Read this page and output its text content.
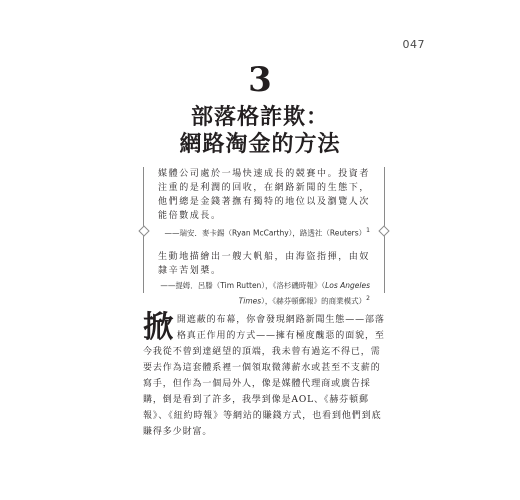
047
3
部落格詐欺：
網路淘金的方法

媒體公司處於一場快速成長的競賽中。投資者注重的是利潤的回收，在網路新聞的生態下，他們總是金錢著撫有獨特的地位以及瀏覽人次能倍數成長。

——瑞安．麥卡錫（Ryan McCarthy），路透社（Reuters）$^1$

生動地描繪出一艘大帆船，由海盜指揮，由奴隸辛苦划槳。

——提姆．呂滕（Tim Rutten），《洛杉磯時報》（Los Angeles Times），《赫芬頓郵報》的商業模式）$^2$

掀開遮蔽的布幕，你會發現網路新聞生態——部落格真正作用的方式——擁有極度醜惡的面貌，至今我從不曾到達絕望的頂端，我未曾有過迄不得已，需要去作為這套體系裡一個領取微薄薪水或甚至不支薪的寫手，但作為一個局外人，像是媒體代理商或廣告採購，倒是看到了許多，我學到像是AOL、《赫芬頓郵報》、《紐約時報》等網站的賺錢方式，也看到他們到底賺得多少財富。
